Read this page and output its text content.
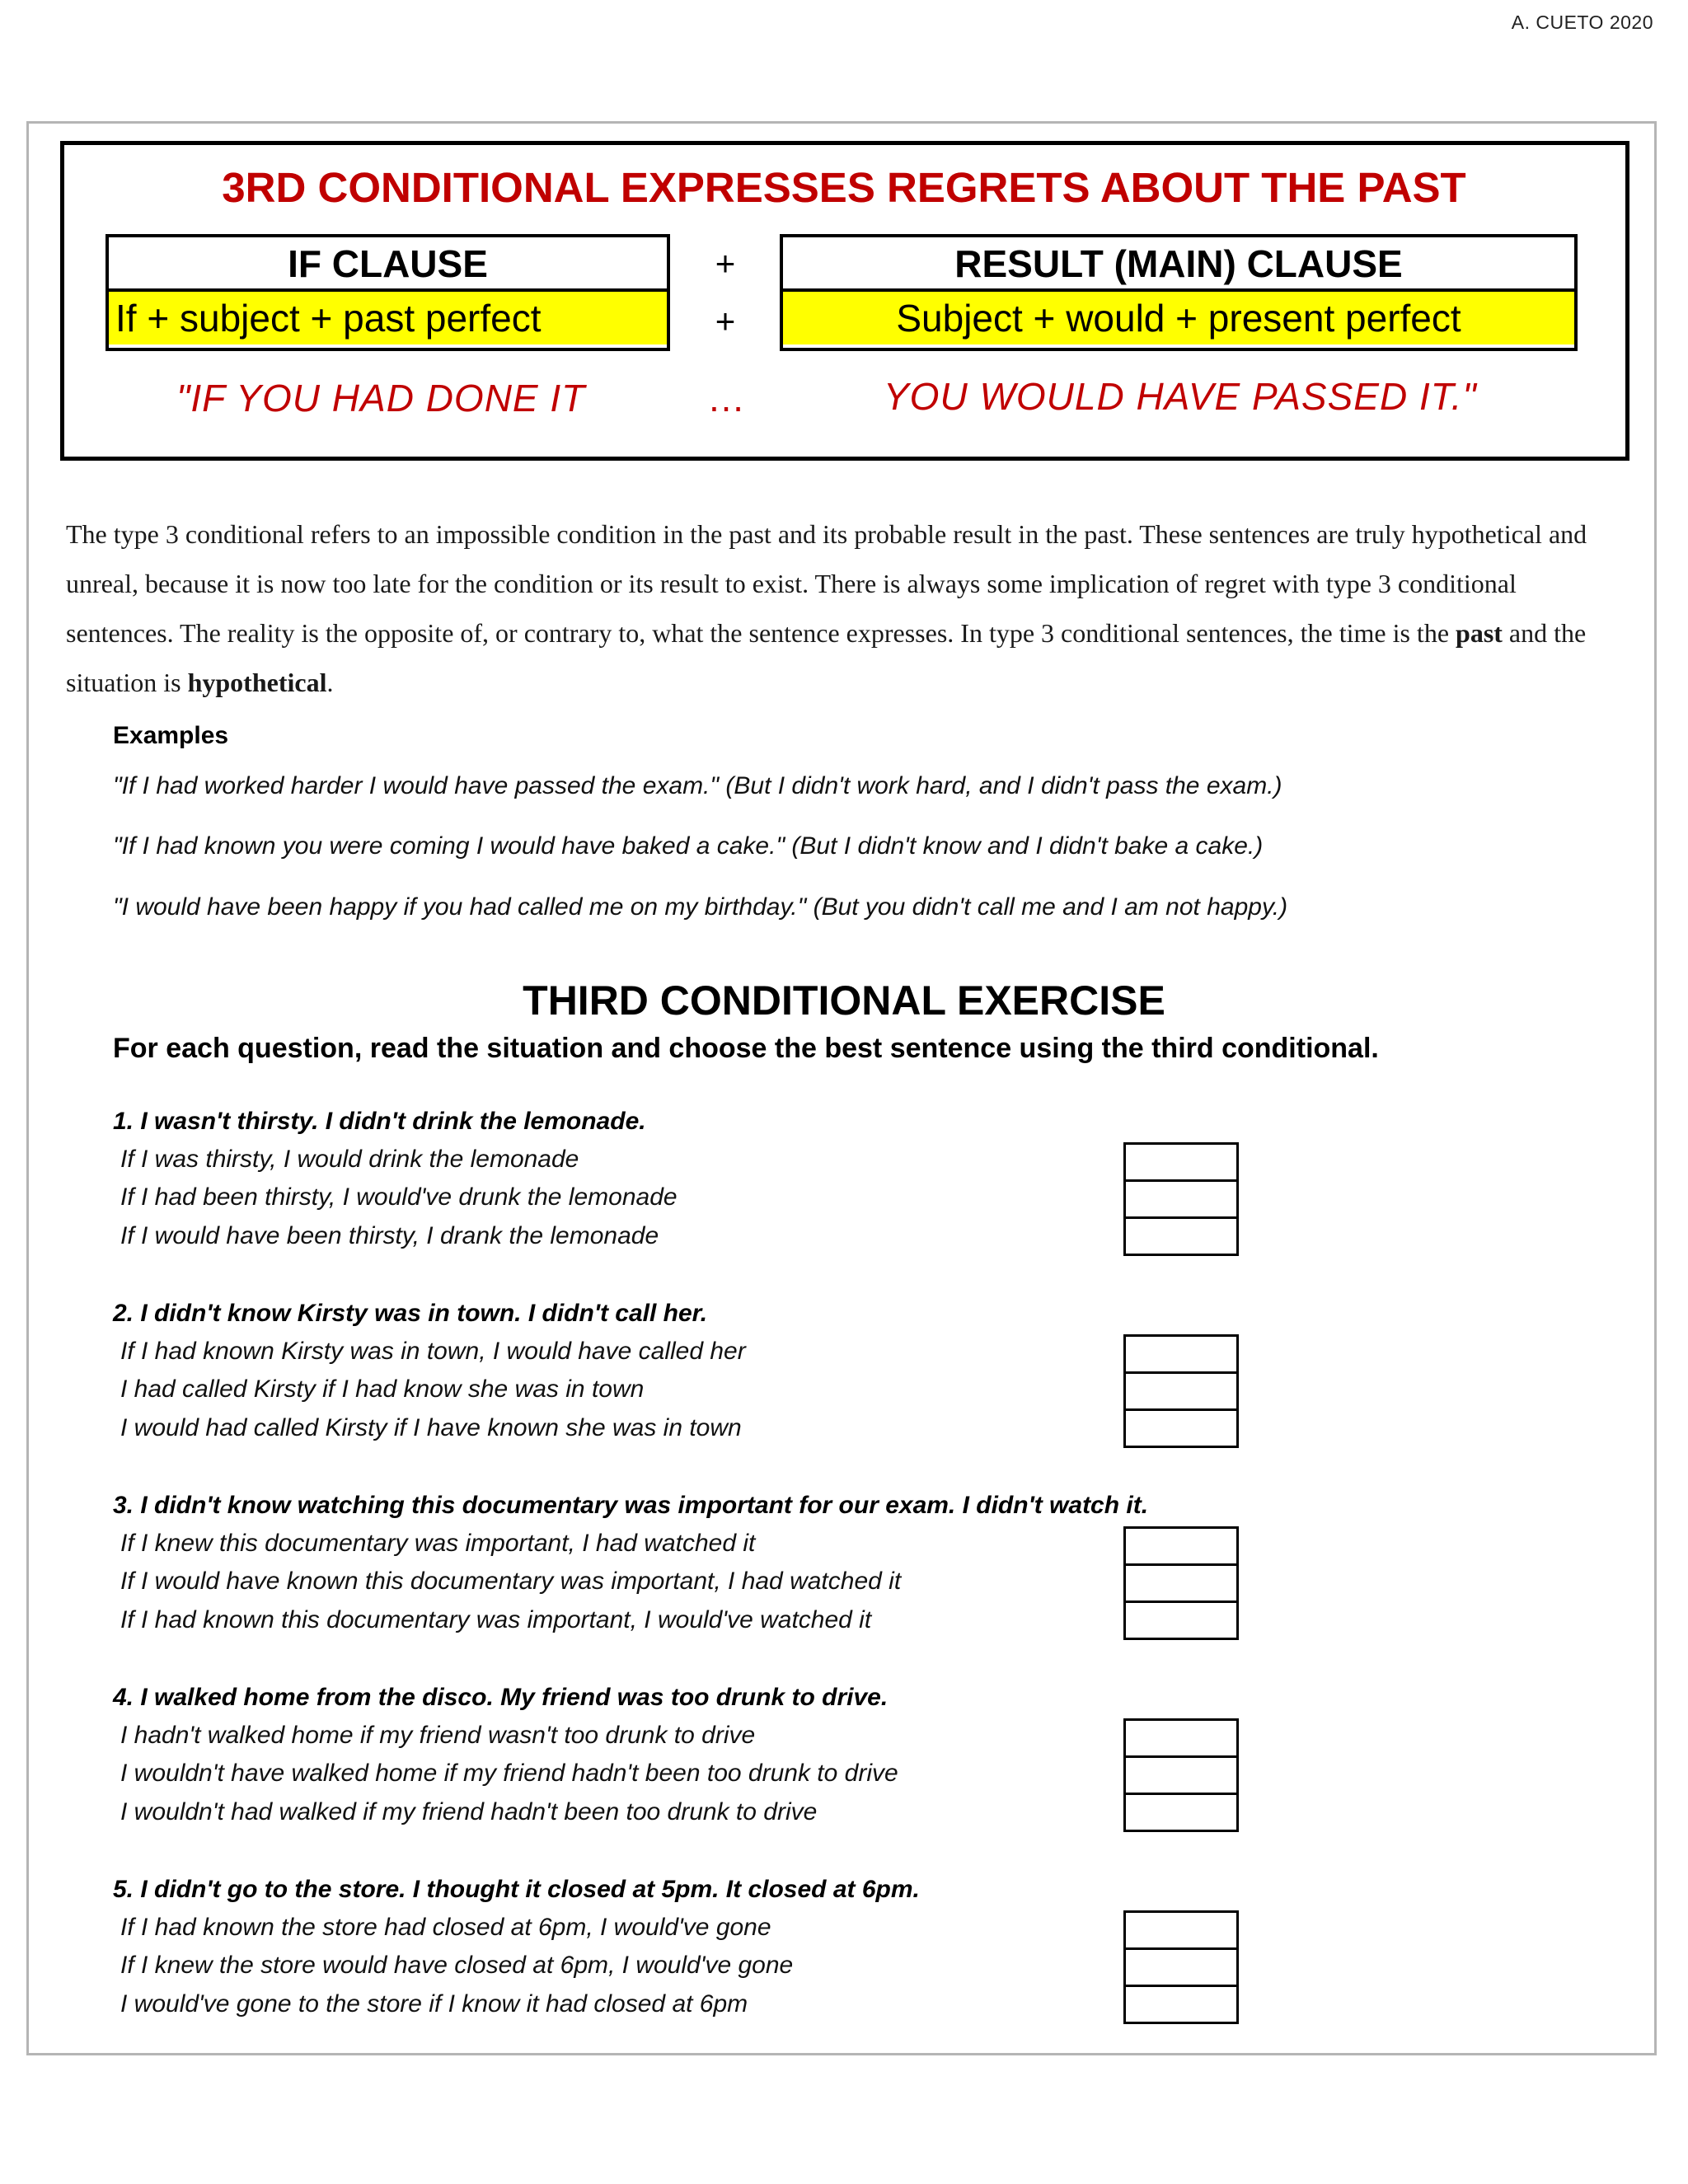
A. CUETO 2020
3RD CONDITIONAL EXPRESSES REGRETS ABOUT THE PAST
IF CLAUSE
If + subject + past perfect
+
+
RESULT (MAIN) CLAUSE
Subject + would + present perfect
"IF YOU HAD DONE IT	…	YOU WOULD HAVE PASSED IT."
The type 3 conditional refers to an impossible condition in the past and its probable result in the past. These sentences are truly hypothetical and unreal, because it is now too late for the condition or its result to exist. There is always some implication of regret with type 3 conditional sentences. The reality is the opposite of, or contrary to, what the sentence expresses. In type 3 conditional sentences, the time is the past and the situation is hypothetical.
Examples
"If I had worked harder I would have passed the exam." (But I didn't work hard, and I didn't pass the exam.)
"If I had known you were coming I would have baked a cake." (But I didn't know and I didn't bake a cake.)
"I would have been happy if you had called me on my birthday." (But you didn't call me and I am not happy.)
THIRD CONDITIONAL EXERCISE
For each question, read the situation and choose the best sentence using the third conditional.
1. I wasn't thirsty. I didn't drink the lemonade.
If I was thirsty, I would drink the lemonade
If I had been thirsty, I would've drunk the lemonade
If I would have been thirsty, I drank the lemonade
2. I didn't know Kirsty was in town. I didn't call her.
If I had known Kirsty was in town, I would have called her
I had called Kirsty if I had know she was in town
I would had called Kirsty if I have known she was in town
3. I didn't know watching this documentary was important for our exam. I didn't watch it.
If I knew this documentary was important, I had watched it
If I would have known this documentary was important, I had watched it
If I had known this documentary was important, I would've watched it
4. I walked home from the disco. My friend was too drunk to drive.
I hadn't walked home if my friend wasn't too drunk to drive
I wouldn't have walked home if my friend hadn't been too drunk to drive
I wouldn't had walked if my friend hadn't been too drunk to drive
5. I didn't go to the store. I thought it closed at 5pm. It closed at 6pm.
If I had known the store had closed at 6pm, I would've gone
If I knew the store would have closed at 6pm, I would've gone
I would've gone to the store if I know it had closed at 6pm
